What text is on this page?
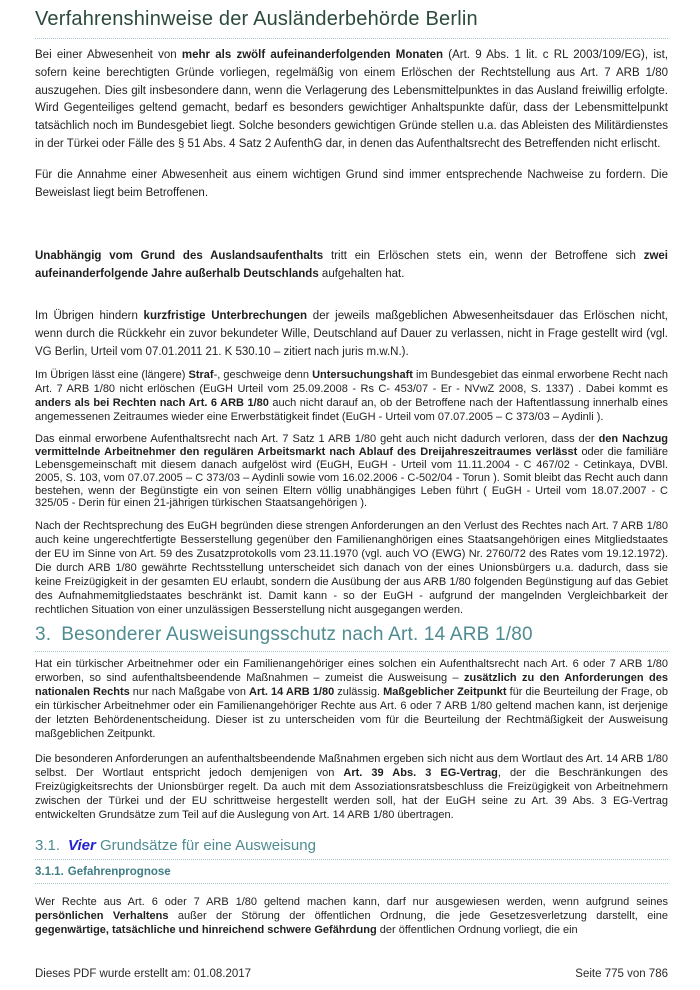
Verfahrenshinweise der Ausländerbehörde Berlin

Bei einer Abwesenheit von mehr als zwölf aufeinanderfolgenden Monaten (Art. 9 Abs. 1 lit. c RL 2003/109/EG), ist, sofern keine berechtigten Gründe vorliegen, regelmäßig von einem Erlöschen der Rechtstellung aus Art. 7 ARB 1/80 auszugehen. Dies gilt insbesondere dann, wenn die Verlagerung des Lebensmittelpunktes in das Ausland freiwillig erfolgte. Wird Gegenteiliges geltend gemacht, bedarf es besonders gewichtiger Anhaltspunkte dafür, dass der Lebensmittelpunkt tatsächlich noch im Bundesgebiet liegt. Solche besonders gewichtigen Gründe stellen u.a. das Ableisten des Militärdienstes in der Türkei oder Fälle des § 51 Abs. 4 Satz 2 AufenthG dar, in denen das Aufenthaltsrecht des Betreffenden nicht erlischt.

Für die Annahme einer Abwesenheit aus einem wichtigen Grund sind immer entsprechende Nachweise zu fordern. Die Beweislast liegt beim Betroffenen.

Unabhängig vom Grund des Auslandsaufenthalts tritt ein Erlöschen stets ein, wenn der Betroffene sich zwei aufeinanderfolgende Jahre außerhalb Deutschlands aufgehalten hat.

Im Übrigen hindern kurzfristige Unterbrechungen der jeweils maßgeblichen Abwesenheitsdauer das Erlöschen nicht, wenn durch die Rückkehr ein zuvor bekundeter Wille, Deutschland auf Dauer zu verlassen, nicht in Frage gestellt wird (vgl. VG Berlin, Urteil vom 07.01.2011 21. K 530.10 – zitiert nach juris m.w.N.).

Im Übrigen lässt eine (längere) Straf-, geschweige denn Untersuchungshaft im Bundesgebiet das einmal erworbene Recht nach Art. 7 ARB 1/80 nicht erlöschen (EuGH Urteil vom 25.09.2008 - Rs C- 453/07 - Er - NVwZ 2008, S. 1337) . Dabei kommt es anders als bei Rechten nach Art. 6 ARB 1/80 auch nicht darauf an, ob der Betroffene nach der Haftentlassung innerhalb eines angemessenen Zeitraumes wieder eine Erwerbstätigkeit findet (EuGH - Urteil vom 07.07.2005 – C 373/03 – Aydinli ).

Das einmal erworbene Aufenthaltsrecht nach Art. 7 Satz 1 ARB 1/80 geht auch nicht dadurch verloren, dass der den Nachzug vermittelnde Arbeitnehmer den regulären Arbeitsmarkt nach Ablauf des Dreijahreszeitraumes verlässt oder die familiäre Lebensgemeinschaft mit diesem danach aufgelöst wird (EuGH, EuGH - Urteil vom 11.11.2004 - C 467/02 - Cetinkaya, DVBl. 2005, S. 103, vom 07.07.2005 – C 373/03 – Aydinli sowie vom 16.02.2006 - C-502/04 - Torun ). Somit bleibt das Recht auch dann bestehen, wenn der Begünstigte ein von seinen Eltern völlig unabhängiges Leben führt ( EuGH - Urteil vom 18.07.2007 - C 325/05 - Derin für einen 21-jährigen türkischen Staatsangehörigen ).

Nach der Rechtsprechung des EuGH begründen diese strengen Anforderungen an den Verlust des Rechtes nach Art. 7 ARB 1/80 auch keine ungerechtfertigte Besserstellung gegenüber den Familienanghörigen eines Staatsangehörigen eines Mitgliedstaates der EU im Sinne von Art. 59 des Zusatzprotokolls vom 23.11.1970 (vgl. auch VO (EWG) Nr. 2760/72 des Rates vom 19.12.1972). Die durch ARB 1/80 gewährte Rechtsstellung unterscheidet sich danach von der eines Unionsbürgers u.a. dadurch, dass sie keine Freizügigkeit in der gesamten EU erlaubt, sondern die Ausübung der aus ARB 1/80 folgenden Begünstigung auf das Gebiet des Aufnahmemitgliedstaates beschränkt ist. Damit kann - so der EuGH - aufgrund der mangelnden Vergleichbarkeit der rechtlichen Situation von einer unzulässigen Besserstellung nicht ausgegangen werden.

3. Besonderer Ausweisungsschutz nach Art. 14 ARB 1/80

Hat ein türkischer Arbeitnehmer oder ein Familienangehöriger eines solchen ein Aufenthaltsrecht nach Art. 6 oder 7 ARB 1/80 erworben, so sind aufenthaltsbeendende Maßnahmen – zumeist die Ausweisung – zusätzlich zu den Anforderungen des nationalen Rechts nur nach Maßgabe von Art. 14 ARB 1/80 zulässig. Maßgeblicher Zeitpunkt für die Beurteilung der Frage, ob ein türkischer Arbeitnehmer oder ein Familienangehöriger Rechte aus Art. 6 oder 7 ARB 1/80 geltend machen kann, ist derjenige der letzten Behördenentscheidung. Dieser ist zu unterscheiden vom für die Beurteilung der Rechtmäßigkeit der Ausweisung maßgeblichen Zeitpunkt.

Die besonderen Anforderungen an aufenthaltsbeendende Maßnahmen ergeben sich nicht aus dem Wortlaut des Art. 14 ARB 1/80 selbst. Der Wortlaut entspricht jedoch demjenigen von Art. 39 Abs. 3 EG-Vertrag, der die Beschränkungen des Freizügigkeitsrechts der Unionsbürger regelt. Da auch mit dem Assoziationsratsbeschluss die Freizügigkeit von Arbeitnehmern zwischen der Türkei und der EU schrittweise hergestellt werden soll, hat der EuGH seine zu Art. 39 Abs. 3 EG-Vertrag entwickelten Grundsätze zum Teil auf die Auslegung von Art. 14 ARB 1/80 übertragen.

3.1. Vier Grundsätze für eine Ausweisung
3.1.1. Gefahrenprognose

Wer Rechte aus Art. 6 oder 7 ARB 1/80 geltend machen kann, darf nur ausgewiesen werden, wenn aufgrund seines persönlichen Verhaltens außer der Störung der öffentlichen Ordnung, die jede Gesetzesverletzung darstellt, eine gegenwärtige, tatsächliche und hinreichend schwere Gefährdung der öffentlichen Ordnung vorliegt, die ein

Dieses PDF wurde erstellt am: 01.08.2017	Seite 775 von 786
